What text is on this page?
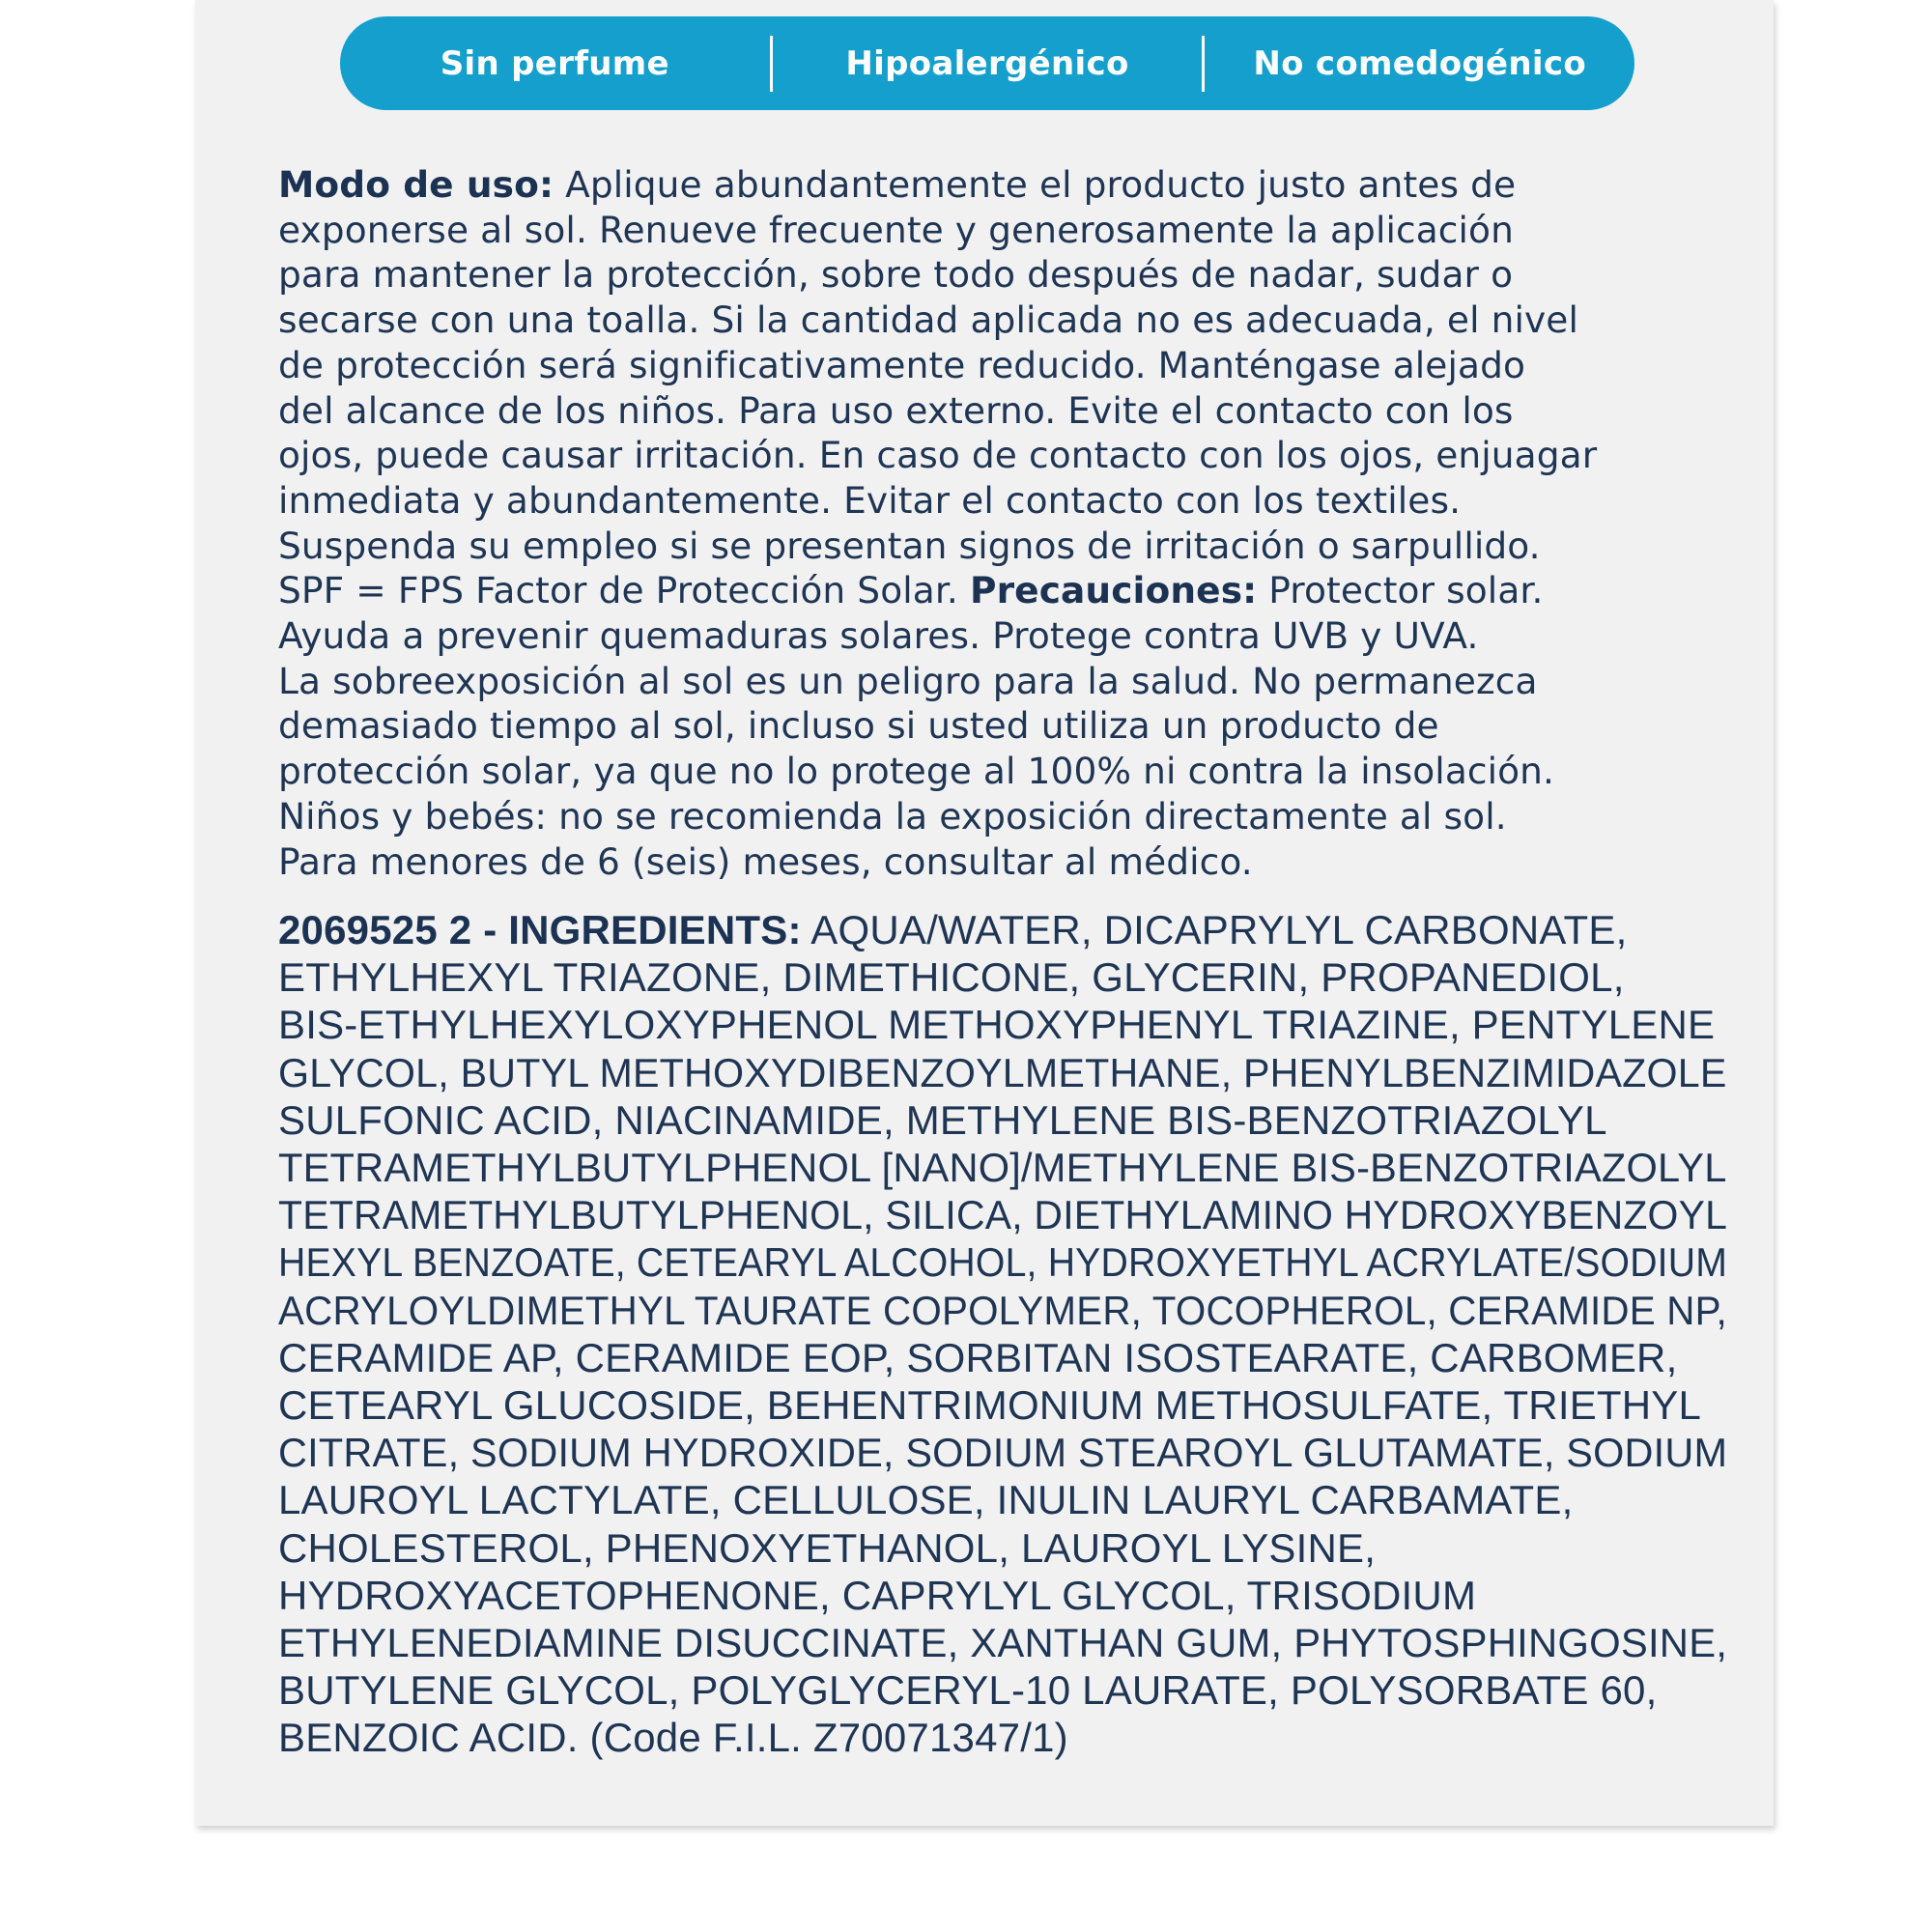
Sin perfume	Hipoalergénico	No comedogénico

Modo de uso: Aplique abundantemente el producto justo antes de
exponerse al sol. Renueve frecuente y generosamente la aplicación
para mantener la protección, sobre todo después de nadar, sudar o
secarse con una toalla. Si la cantidad aplicada no es adecuada, el nivel
de protección será significativamente reducido. Manténgase alejado
del alcance de los niños. Para uso externo. Evite el contacto con los
ojos, puede causar irritación. En caso de contacto con los ojos, enjuagar
inmediata y abundantemente. Evitar el contacto con los textiles.
Suspenda su empleo si se presentan signos de irritación o sarpullido.
SPF = FPS Factor de Protección Solar. Precauciones: Protector solar.
Ayuda a prevenir quemaduras solares. Protege contra UVB y UVA.
La sobreexposición al sol es un peligro para la salud. No permanezca
demasiado tiempo al sol, incluso si usted utiliza un producto de
protección solar, ya que no lo protege al 100% ni contra la insolación.
Niños y bebés: no se recomienda la exposición directamente al sol.
Para menores de 6 (seis) meses, consultar al médico.

2069525 2 - INGREDIENTS: AQUA/WATER, DICAPRYLYL CARBONATE,
ETHYLHEXYL TRIAZONE, DIMETHICONE, GLYCERIN, PROPANEDIOL,
BIS-ETHYLHEXYLOXYPHENOL METHOXYPHENYL TRIAZINE, PENTYLENE
GLYCOL, BUTYL METHOXYDIBENZOYLMETHANE, PHENYLBENZIMIDAZOLE
SULFONIC ACID, NIACINAMIDE, METHYLENE BIS-BENZOTRIAZOLYL
TETRAMETHYLBUTYLPHENOL [NANO]/METHYLENE BIS-BENZOTRIAZOLYL
TETRAMETHYLBUTYLPHENOL, SILICA, DIETHYLAMINO HYDROXYBENZOYL
HEXYL BENZOATE, CETEARYL ALCOHOL, HYDROXYETHYL ACRYLATE/SODIUM
ACRYLOYLDIMETHYL TAURATE COPOLYMER, TOCOPHEROL, CERAMIDE NP,
CERAMIDE AP, CERAMIDE EOP, SORBITAN ISOSTEARATE, CARBOMER,
CETEARYL GLUCOSIDE, BEHENTRIMONIUM METHOSULFATE, TRIETHYL
CITRATE, SODIUM HYDROXIDE, SODIUM STEAROYL GLUTAMATE, SODIUM
LAUROYL LACTYLATE, CELLULOSE, INULIN LAURYL CARBAMATE,
CHOLESTEROL, PHENOXYETHANOL, LAUROYL LYSINE,
HYDROXYACETOPHENONE, CAPRYLYL GLYCOL, TRISODIUM
ETHYLENEDIAMINE DISUCCINATE, XANTHAN GUM, PHYTOSPHINGOSINE,
BUTYLENE GLYCOL, POLYGLYCERYL-10 LAURATE, POLYSORBATE 60,
BENZOIC ACID. (Code F.I.L. Z70071347/1)
